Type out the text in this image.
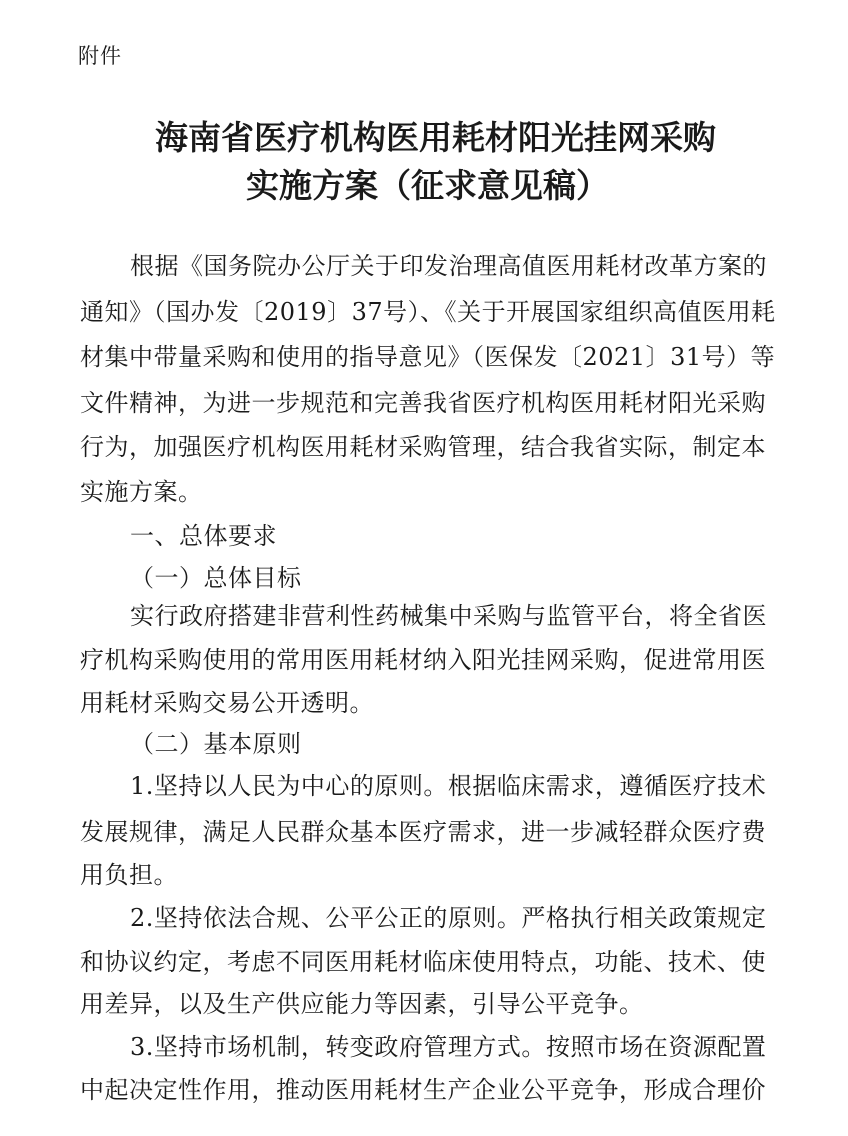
附件
海南省医疗机构医用耗材阳光挂网采购
实施方案（征求意见稿）
根据《国务院办公厅关于印发治理高值医用耗材改革方案的
通知》（国办发〔2019〕37号）、《关于开展国家组织高值医用耗
材集中带量采购和使用的指导意见》（医保发〔2021〕31号）等
文件精神，为进一步规范和完善我省医疗机构医用耗材阳光采购
行为，加强医疗机构医用耗材采购管理，结合我省实际，制定本
实施方案。
一、总体要求
（一）总体目标
实行政府搭建非营利性药械集中采购与监管平台，将全省医
疗机构采购使用的常用医用耗材纳入阳光挂网采购，促进常用医
用耗材采购交易公开透明。
（二）基本原则
1.坚持以人民为中心的原则。根据临床需求，遵循医疗技术
发展规律，满足人民群众基本医疗需求，进一步减轻群众医疗费
用负担。
2.坚持依法合规、公平公正的原则。严格执行相关政策规定
和协议约定，考虑不同医用耗材临床使用特点，功能、技术、使
用差异，以及生产供应能力等因素，引导公平竞争。
3.坚持市场机制，转变政府管理方式。按照市场在资源配置
中起决定性作用，推动医用耗材生产企业公平竞争，形成合理价
